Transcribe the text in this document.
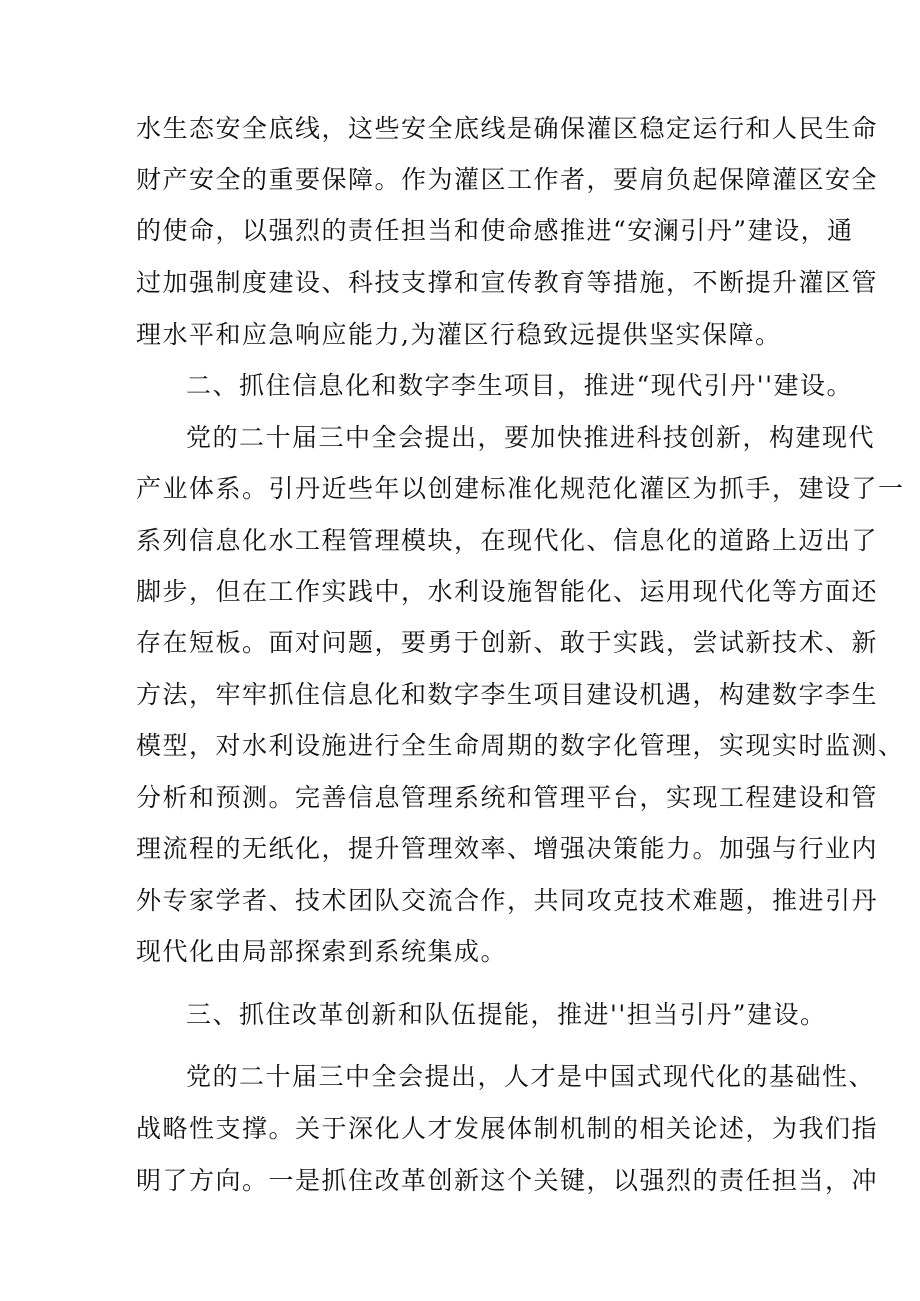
水生态安全底线，这些安全底线是确保灌区稳定运行和人民生命
财产安全的重要保障。作为灌区工作者，要肩负起保障灌区安全
的使命，以强烈的责任担当和使命感推进“安澜引丹”建设，通
过加强制度建设、科技支撑和宣传教育等措施，不断提升灌区管
理水平和应急响应能力,为灌区行稳致远提供坚实保障。
二、抓住信息化和数字李生项目，推进“现代引丹''建设。
党的二十届三中全会提出，要加快推进科技创新，构建现代
产业体系。引丹近些年以创建标准化规范化灌区为抓手，建设了一
系列信息化水工程管理模块，在现代化、信息化的道路上迈出了
脚步，但在工作实践中，水利设施智能化、运用现代化等方面还
存在短板。面对问题，要勇于创新、敢于实践，尝试新技术、新
方法，牢牢抓住信息化和数字李生项目建设机遇，构建数字李生
模型，对水利设施进行全生命周期的数字化管理，实现实时监测、
分析和预测。完善信息管理系统和管理平台，实现工程建设和管
理流程的无纸化，提升管理效率、增强决策能力。加强与行业内
外专家学者、技术团队交流合作，共同攻克技术难题，推进引丹
现代化由局部探索到系统集成。
三、抓住改革创新和队伍提能，推进''担当引丹”建设。
党的二十届三中全会提出，人才是中国式现代化的基础性、
战略性支撑。关于深化人才发展体制机制的相关论述，为我们指
明了方向。一是抓住改革创新这个关键，以强烈的责任担当，冲
